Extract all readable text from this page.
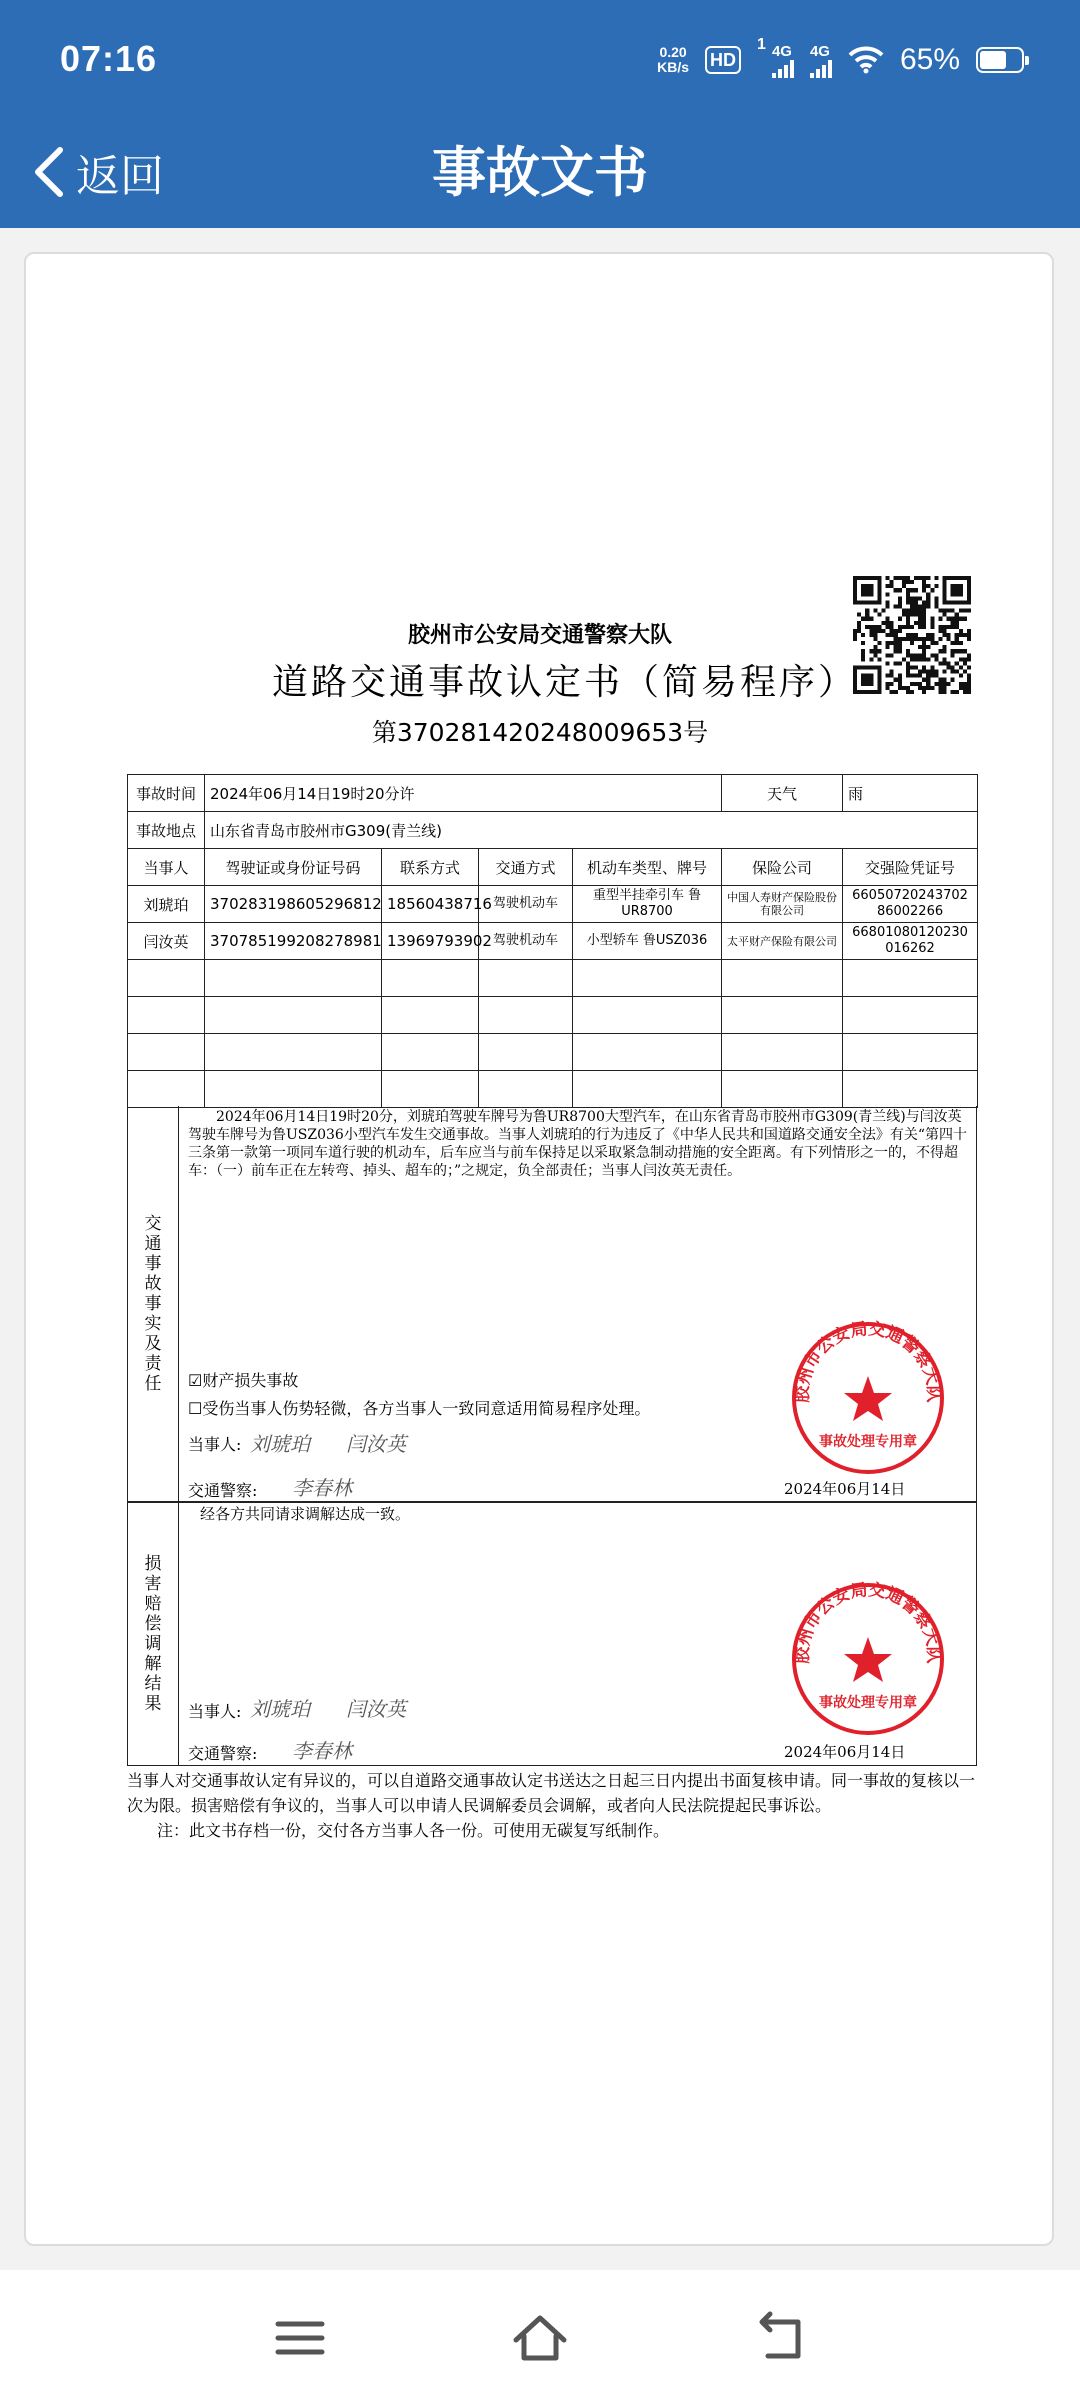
07:16	0.20
KB/s HD
1 4G 4G 65%
返回	事故文书
胶州市公安局交通警察大队
道路交通事故认定书（简易程序）
第370281420248009653号
事故时间	2024年06月14日19时20分许				天气	雨
事故地点	山东省青岛市胶州市G309(青兰线)					
当事人	驾驶证或身份证号码	联系方式	交通方式	机动车类型、牌号	保险公司	交强险凭证号
刘琥珀	370283198605296812	18560438716	驾驶机动车	重型半挂牵引车 鲁UR8700	中国人寿财产保险股份有限公司	6605072024370286002266
闫汝英	370785199208278981	13969793902	驾驶机动车	小型轿车 鲁USZ036	太平财产保险有限公司	66801080120230016262

交通事故事实及责任
2024年06月14日19时20分，刘琥珀驾驶车牌号为鲁UR8700大型汽车，在山东省青岛市胶州市G309(青兰线)与闫汝英驾驶车牌号为鲁USZ036小型汽车发生交通事故。当事人刘琥珀的行为违反了《中华人民共和国道路交通安全法》有关“第四十三条第一款第一项同车道行驶的机动车，后车应当与前车保持足以采取紧急制动措施的安全距离。有下列情形之一的，不得超车：（一）前车正在左转弯、掉头、超车的；”之规定，负全部责任；当事人闫汝英无责任。
☑财产损失事故
☐受伤当事人伤势轻微，各方当事人一致同意适用简易程序处理。
当事人: 刘琥珀 闫汝英
交通警察: 李春林	2024年06月14日
胶州市公安局交通警察大队
事故处理专用章
损害赔偿调解结果
经各方共同请求调解达成一致。
当事人: 刘琥珀 闫汝英
交通警察: 李春林	2024年06月14日
胶州市公安局交通警察大队
事故处理专用章
当事人对交通事故认定有异议的，可以自道路交通事故认定书送达之日起三日内提出书面复核申请。同一事故的复核以一次为限。损害赔偿有争议的，当事人可以申请人民调解委员会调解，或者向人民法院提起民事诉讼。
注：此文书存档一份，交付各方当事人各一份。可使用无碳复写纸制作。
